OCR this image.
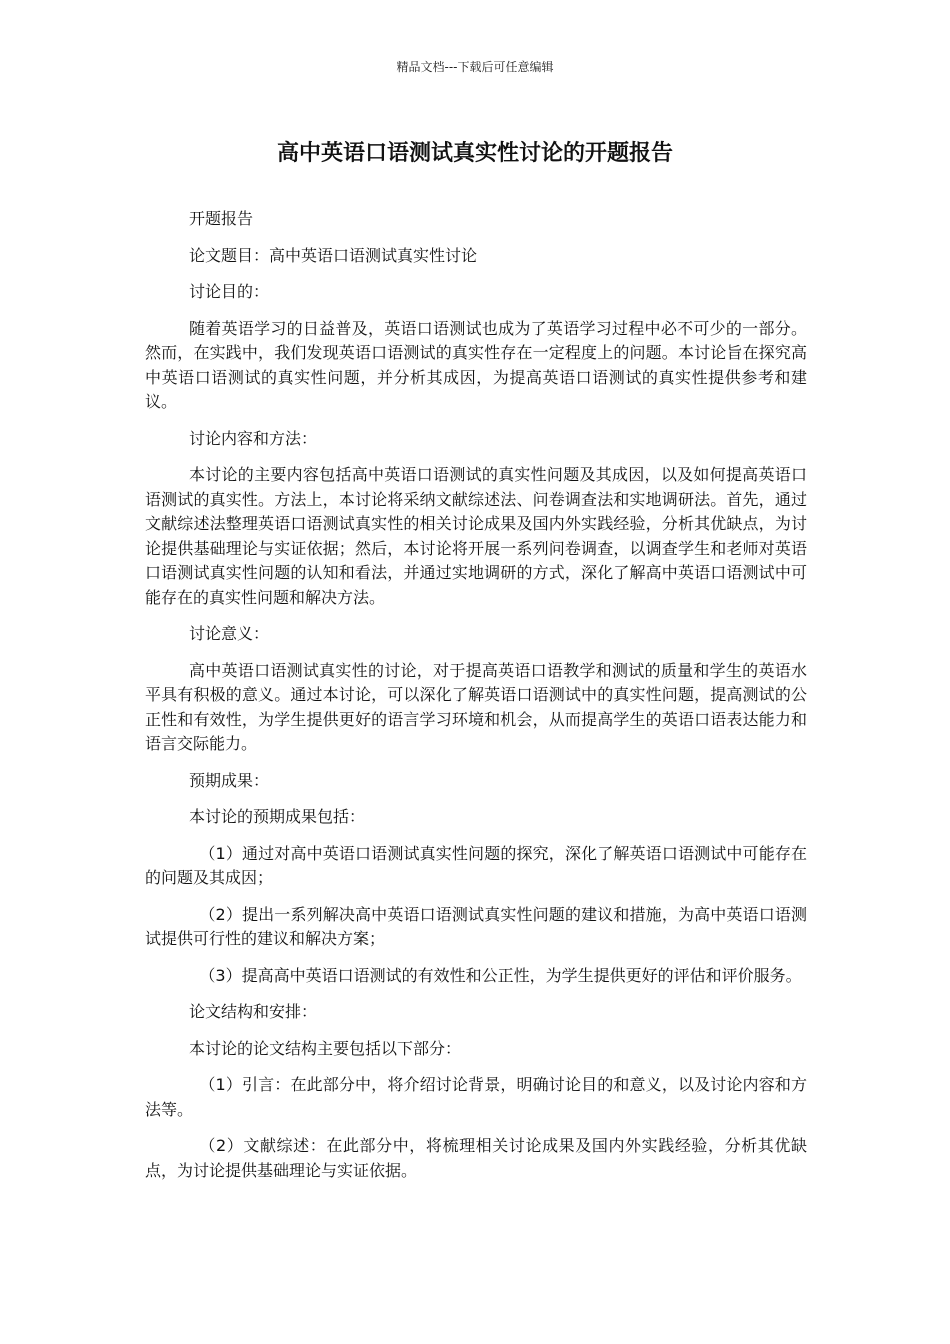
精品文档---下载后可任意编辑
高中英语口语测试真实性讨论的开题报告

开题报告

论文题目：高中英语口语测试真实性讨论

讨论目的：

随着英语学习的日益普及，英语口语测试也成为了英语学习过程中必不可少的一部分。然而，在实践中，我们发现英语口语测试的真实性存在一定程度上的问题。本讨论旨在探究高中英语口语测试的真实性问题，并分析其成因，为提高英语口语测试的真实性提供参考和建议。

讨论内容和方法：

本讨论的主要内容包括高中英语口语测试的真实性问题及其成因，以及如何提高英语口语测试的真实性。方法上，本讨论将采纳文献综述法、问卷调查法和实地调研法。首先，通过文献综述法整理英语口语测试真实性的相关讨论成果及国内外实践经验，分析其优缺点，为讨论提供基础理论与实证依据；然后，本讨论将开展一系列问卷调查，以调查学生和老师对英语口语测试真实性问题的认知和看法，并通过实地调研的方式，深化了解高中英语口语测试中可能存在的真实性问题和解决方法。

讨论意义：

高中英语口语测试真实性的讨论，对于提高英语口语教学和测试的质量和学生的英语水平具有积极的意义。通过本讨论，可以深化了解英语口语测试中的真实性问题，提高测试的公正性和有效性，为学生提供更好的语言学习环境和机会，从而提高学生的英语口语表达能力和语言交际能力。

预期成果：

本讨论的预期成果包括：

（1）通过对高中英语口语测试真实性问题的探究，深化了解英语口语测试中可能存在的问题及其成因；

（2）提出一系列解决高中英语口语测试真实性问题的建议和措施，为高中英语口语测试提供可行性的建议和解决方案；

（3）提高高中英语口语测试的有效性和公正性，为学生提供更好的评估和评价服务。

论文结构和安排：

本讨论的论文结构主要包括以下部分：

（1）引言：在此部分中，将介绍讨论背景，明确讨论目的和意义，以及讨论内容和方法等。

（2）文献综述：在此部分中，将梳理相关讨论成果及国内外实践经验，分析其优缺点，为讨论提供基础理论与实证依据。
